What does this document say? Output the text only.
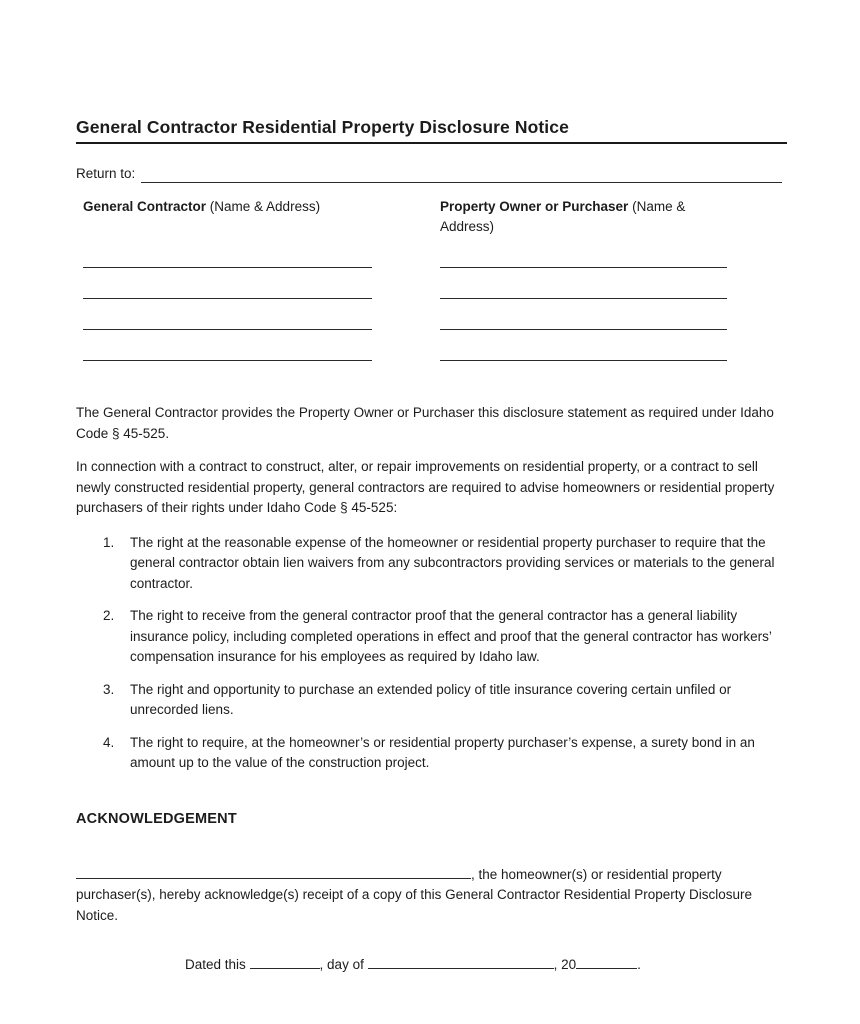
General Contractor Residential Property Disclosure Notice
Return to:
General Contractor (Name & Address)	Property Owner or Purchaser (Name & Address)

The General Contractor provides the Property Owner or Purchaser this disclosure statement as required under Idaho Code § 45-525.

In connection with a contract to construct, alter, or repair improvements on residential property, or a contract to sell newly constructed residential property, general contractors are required to advise homeowners or residential property purchasers of their rights under Idaho Code § 45-525:

1.	The right at the reasonable expense of the homeowner or residential property purchaser to require that the general contractor obtain lien waivers from any subcontractors providing services or materials to the general contractor.
2.	The right to receive from the general contractor proof that the general contractor has a general liability insurance policy, including completed operations in effect and proof that the general contractor has workers’ compensation insurance for his employees as required by Idaho law.
3.	The right and opportunity to purchase an extended policy of title insurance covering certain unfiled or unrecorded liens.
4.	The right to require, at the homeowner’s or residential property purchaser’s expense, a surety bond in an amount up to the value of the construction project.
ACKNOWLEDGEMENT

, the homeowner(s) or residential property purchaser(s), hereby acknowledge(s) receipt of a copy of this General Contractor Residential Property Disclosure Notice.

Dated this	, day of	, 20	.
